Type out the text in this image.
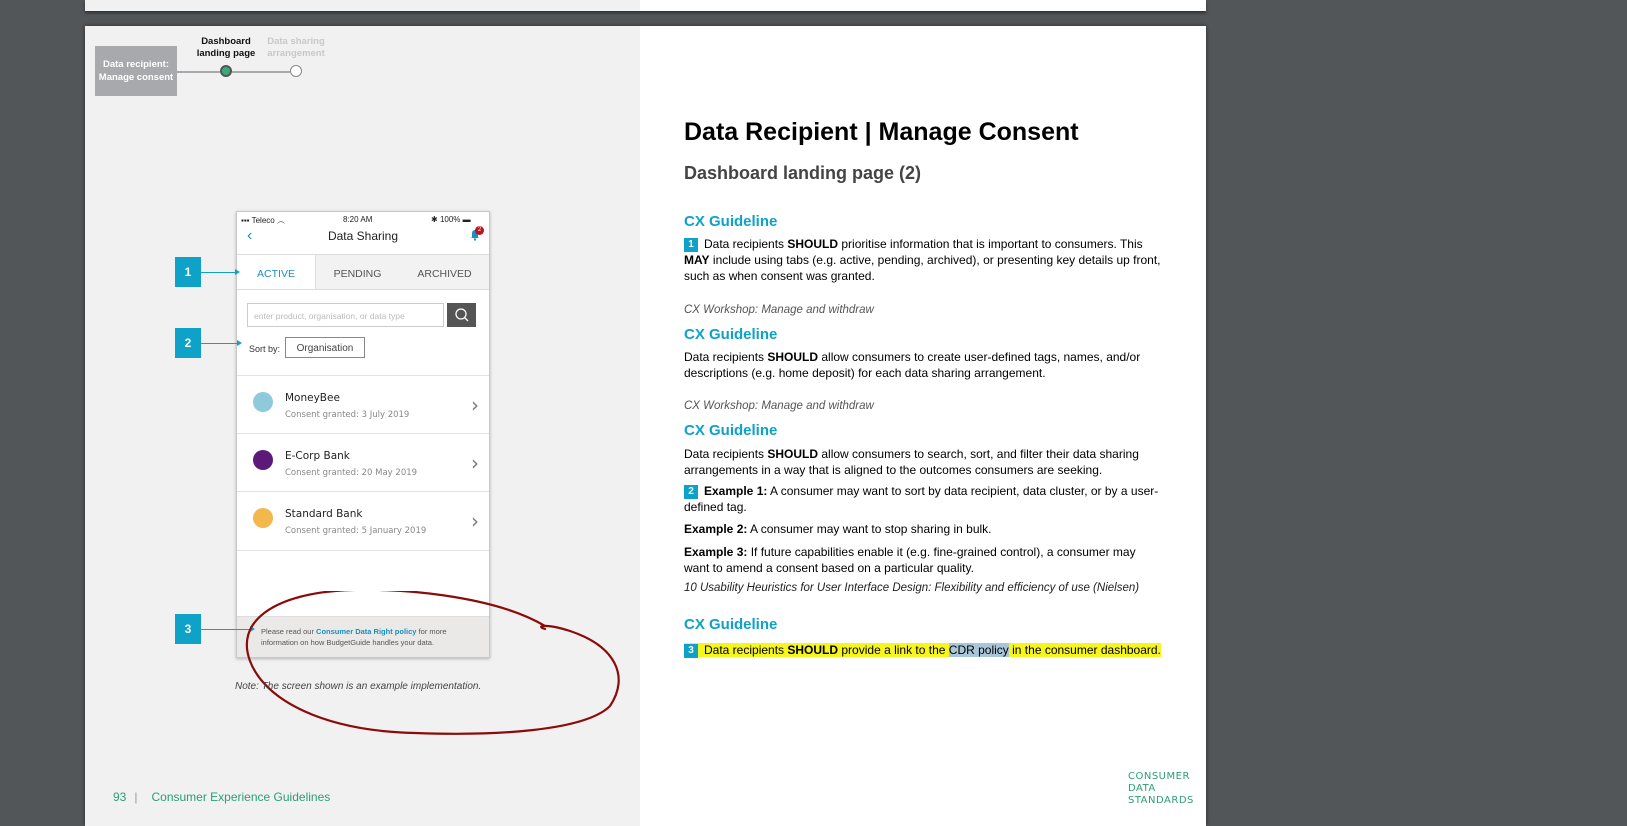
Data recipient: Manage consent
Dashboard landing page
Data sharing arrangement
▪▪▪ Teleco ︵	8:20 AM	✱ 100% ▬
‹	Data Sharing	2
ACTIVE	PENDING	ARCHIVED
enter product, organisation, or data type
Sort by:	Organisation
MoneyBee
Consent granted: 3 July 2019	›
E-Corp Bank
Consent granted: 20 May 2019	›
Standard Bank
Consent granted: 5 January 2019 ›
Please read our Consumer Data Right policy for more information on how BudgetGuide handles your data.
1
2
3
Note: The screen shown is an example implementation.
93 | Consumer Experience Guidelines
Data Recipient | Manage Consent
Dashboard landing page (2)
CX Guideline
1 Data recipients SHOULD prioritise information that is important to consumers. This MAY include using tabs (e.g. active, pending, archived), or presenting key details up front, such as when consent was granted.
CX Workshop: Manage and withdraw
CX Guideline
Data recipients SHOULD allow consumers to create user-defined tags, names, and/or descriptions (e.g. home deposit) for each data sharing arrangement.
CX Workshop: Manage and withdraw
CX Guideline
Data recipients SHOULD allow consumers to search, sort, and filter their data sharing arrangements in a way that is aligned to the outcomes consumers are seeking.
2 Example 1: A consumer may want to sort by data recipient, data cluster, or by a user-defined tag.
Example 2: A consumer may want to stop sharing in bulk.
Example 3: If future capabilities enable it (e.g. fine-grained control), a consumer may want to amend a consent based on a particular quality.
10 Usability Heuristics for User Interface Design: Flexibility and efficiency of use (Nielsen)
CX Guideline
3 Data recipients SHOULD provide a link to the CDR policy in the consumer dashboard.
CONSUMER
DATA
STANDARDS
